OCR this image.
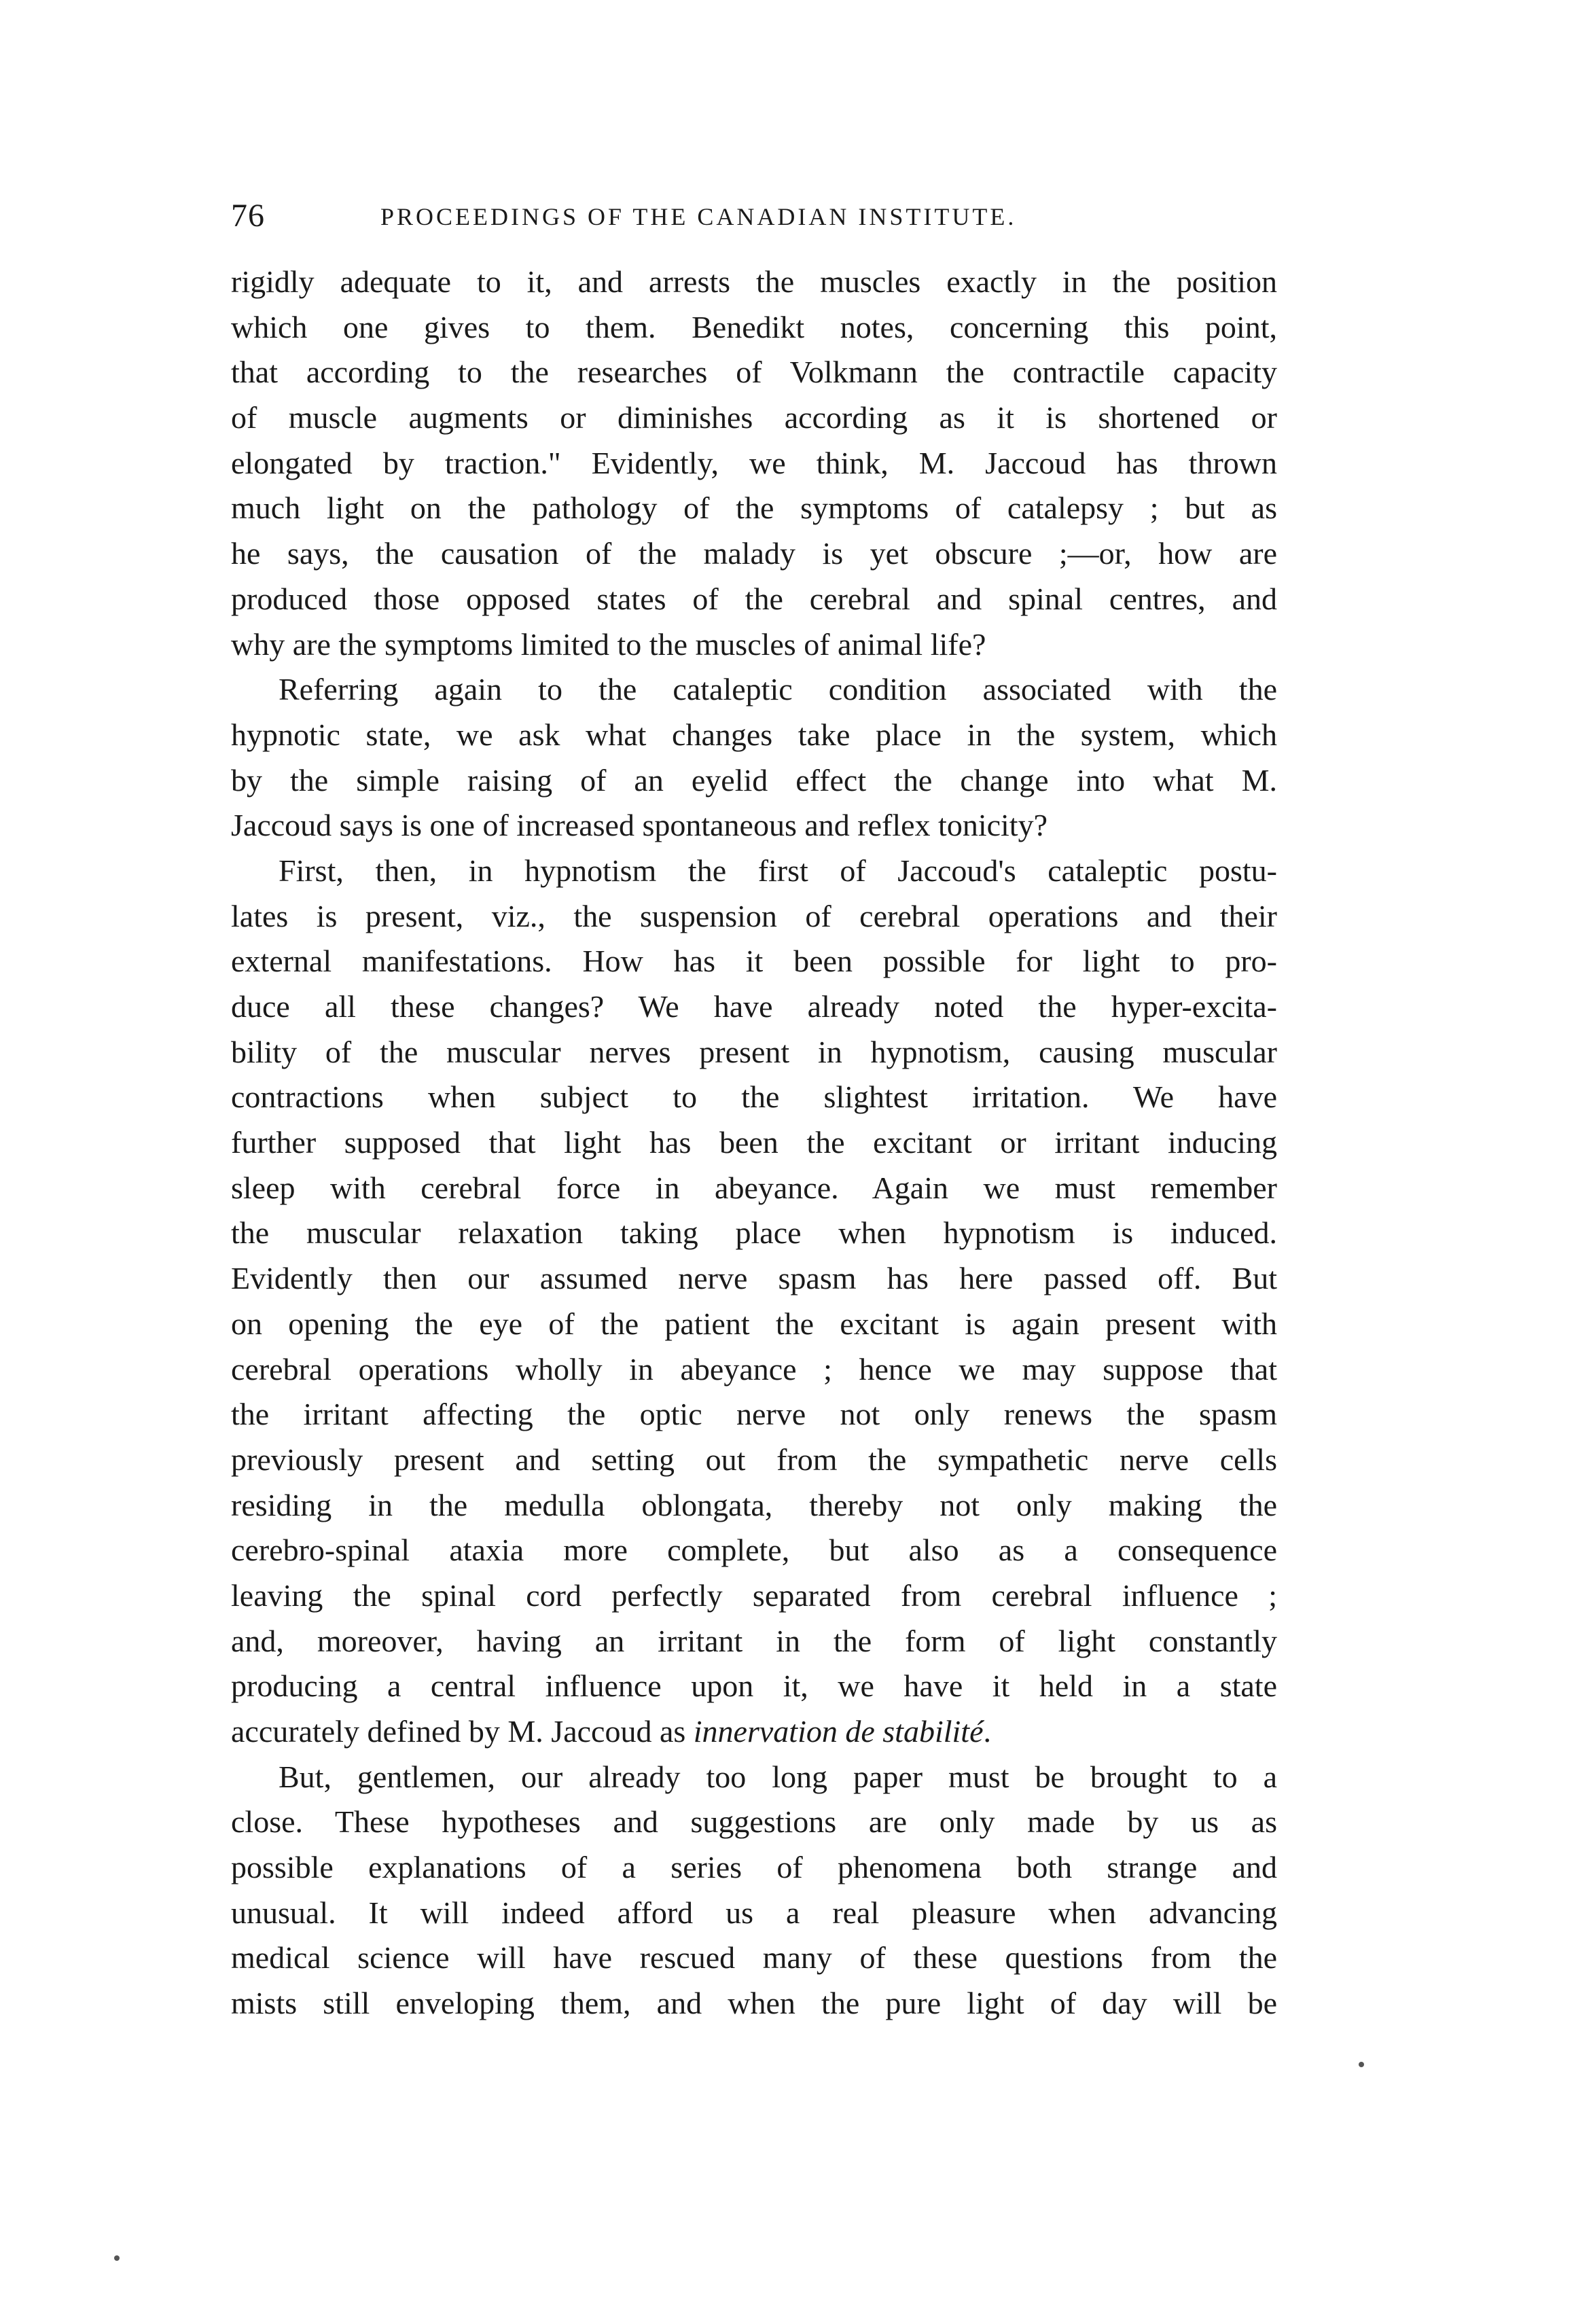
76	PROCEEDINGS OF THE CANADIAN INSTITUTE.
rigidly adequate to it, and arrests the muscles exactly in the position
which one gives to them. Benedikt notes, concerning this point,
that according to the researches of Volkmann the contractile capacity
of muscle augments or diminishes according as it is shortened or
elongated by traction." Evidently, we think, M. Jaccoud has thrown
much light on the pathology of the symptoms of catalepsy ; but as
he says, the causation of the malady is yet obscure ;—or, how are
produced those opposed states of the cerebral and spinal centres, and
why are the symptoms limited to the muscles of animal life?
Referring again to the cataleptic condition associated with the
hypnotic state, we ask what changes take place in the system, which
by the simple raising of an eyelid effect the change into what M.
Jaccoud says is one of increased spontaneous and reflex tonicity?
First, then, in hypnotism the first of Jaccoud's cataleptic postu-
lates is present, viz., the suspension of cerebral operations and their
external manifestations. How has it been possible for light to pro-
duce all these changes? We have already noted the hyper-excita-
bility of the muscular nerves present in hypnotism, causing muscular
contractions when subject to the slightest irritation. We have
further supposed that light has been the excitant or irritant inducing
sleep with cerebral force in abeyance. Again we must remember
the muscular relaxation taking place when hypnotism is induced.
Evidently then our assumed nerve spasm has here passed off. But
on opening the eye of the patient the excitant is again present with
cerebral operations wholly in abeyance ; hence we may suppose that
the irritant affecting the optic nerve not only renews the spasm
previously present and setting out from the sympathetic nerve cells
residing in the medulla oblongata, thereby not only making the
cerebro-spinal ataxia more complete, but also as a consequence
leaving the spinal cord perfectly separated from cerebral influence ;
and, moreover, having an irritant in the form of light constantly
producing a central influence upon it, we have it held in a state
accurately defined by M. Jaccoud as innervation de stabilité.
But, gentlemen, our already too long paper must be brought to a
close. These hypotheses and suggestions are only made by us as
possible explanations of a series of phenomena both strange and
unusual. It will indeed afford us a real pleasure when advancing
medical science will have rescued many of these questions from the
mists still enveloping them, and when the pure light of day will be
